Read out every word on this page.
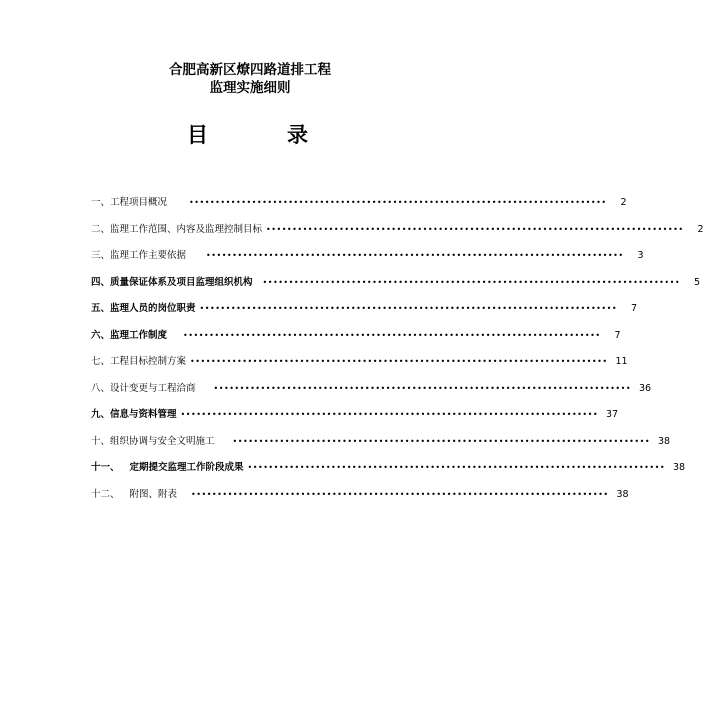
合肥高新区燎四路道排工程
监理实施细则
目	录
一、 工程项目概况	••••••••••••••••••••••••••••••••••••••••••••••••••••••••••••••••••••••••••••••••	2
二、 监理工作范围、内容及监理控制目标 ••••••••••••••••••••••••••••••••••••••••••••••••••••••••••••••••••••••••••••••••	2
三、 监理工作主要依据	••••••••••••••••••••••••••••••••••••••••••••••••••••••••••••••••••••••••••••••••	3
四、 质量保证体系及项目监理组织机构 ••••••••••••••••••••••••••••••••••••••••••••••••••••••••••••••••••••••••••••••••	5
五、 监理人员的岗位职责 ••••••••••••••••••••••••••••••••••••••••••••••••••••••••••••••••••••••••••••••••	7
六、 监理工作制度 ••••••••••••••••••••••••••••••••••••••••••••••••••••••••••••••••••••••••••••••••	7
七、 工程目标控制方案 •••••••••••••••••••••••••••••••••••••••••••••••••••••••••••••••••••••••••••••••• 11
八、 设计变更与工程洽商 •••••••••••••••••••••••••••••••••••••••••••••••••••••••••••••••••••••••••••••••• 36
九、 信息与资料管理 •••••••••••••••••••••••••••••••••••••••••••••••••••••••••••••••••••••••••••••••• 37
十、 组织协调与安全文明施工 •••••••••••••••••••••••••••••••••••••••••••••••••••••••••••••••••••••••••••••••• 38
十一、 定期提交监理工作阶段成果 •••••••••••••••••••••••••••••••••••••••••••••••••••••••••••••••••••••••••••••••• 38
十二、 附图、附表 •••••••••••••••••••••••••••••••••••••••••••••••••••••••••••••••••••••••••••••••• 38
